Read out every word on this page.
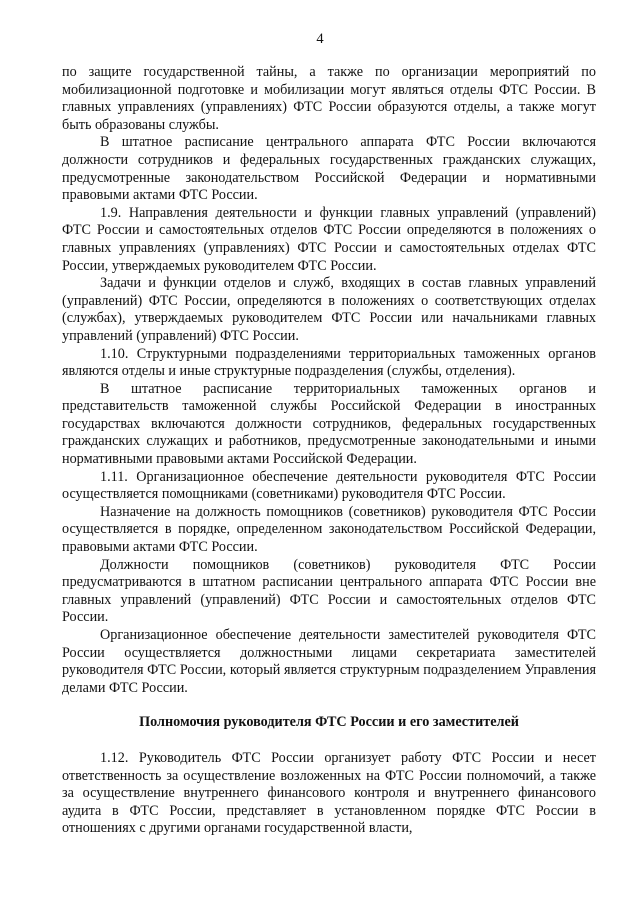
4

по защите государственной тайны, а также по организации мероприятий по мобилизационной подготовке и мобилизации могут являться отделы ФТС России. В главных управлениях (управлениях) ФТС России образуются отделы, а также могут быть образованы службы.

В штатное расписание центрального аппарата ФТС России включаются должности сотрудников и федеральных государственных гражданских служащих, предусмотренные законодательством Российской Федерации и нормативными правовыми актами ФТС России.

1.9. Направления деятельности и функции главных управлений (управлений) ФТС России и самостоятельных отделов ФТС России определяются в положениях о главных управлениях (управлениях) ФТС России и самостоятельных отделах ФТС России, утверждаемых руководителем ФТС России.

Задачи и функции отделов и служб, входящих в состав главных управлений (управлений) ФТС России, определяются в положениях о соответствующих отделах (службах), утверждаемых руководителем ФТС России или начальниками главных управлений (управлений) ФТС России.

1.10. Структурными подразделениями территориальных таможенных органов являются отделы и иные структурные подразделения (службы, отделения).

В штатное расписание территориальных таможенных органов и представительств таможенной службы Российской Федерации в иностранных государствах включаются должности сотрудников, федеральных государственных гражданских служащих и работников, предусмотренные законодательными и иными нормативными правовыми актами Российской Федерации.

1.11. Организационное обеспечение деятельности руководителя ФТС России осуществляется помощниками (советниками) руководителя ФТС России.

Назначение на должность помощников (советников) руководителя ФТС России осуществляется в порядке, определенном законодательством Российской Федерации, правовыми актами ФТС России.

Должности помощников (советников) руководителя ФТС России предусматриваются в штатном расписании центрального аппарата ФТС России вне главных управлений (управлений) ФТС России и самостоятельных отделов ФТС России.

Организационное обеспечение деятельности заместителей руководителя ФТС России осуществляется должностными лицами секретариата заместителей руководителя ФТС России, который является структурным подразделением Управления делами ФТС России.

Полномочия руководителя ФТС России и его заместителей

1.12. Руководитель ФТС России организует работу ФТС России и несет ответственность за осуществление возложенных на ФТС России полномочий, а также за осуществление внутреннего финансового контроля и внутреннего финансового аудита в ФТС России, представляет в установленном порядке ФТС России в отношениях с другими органами государственной власти,
